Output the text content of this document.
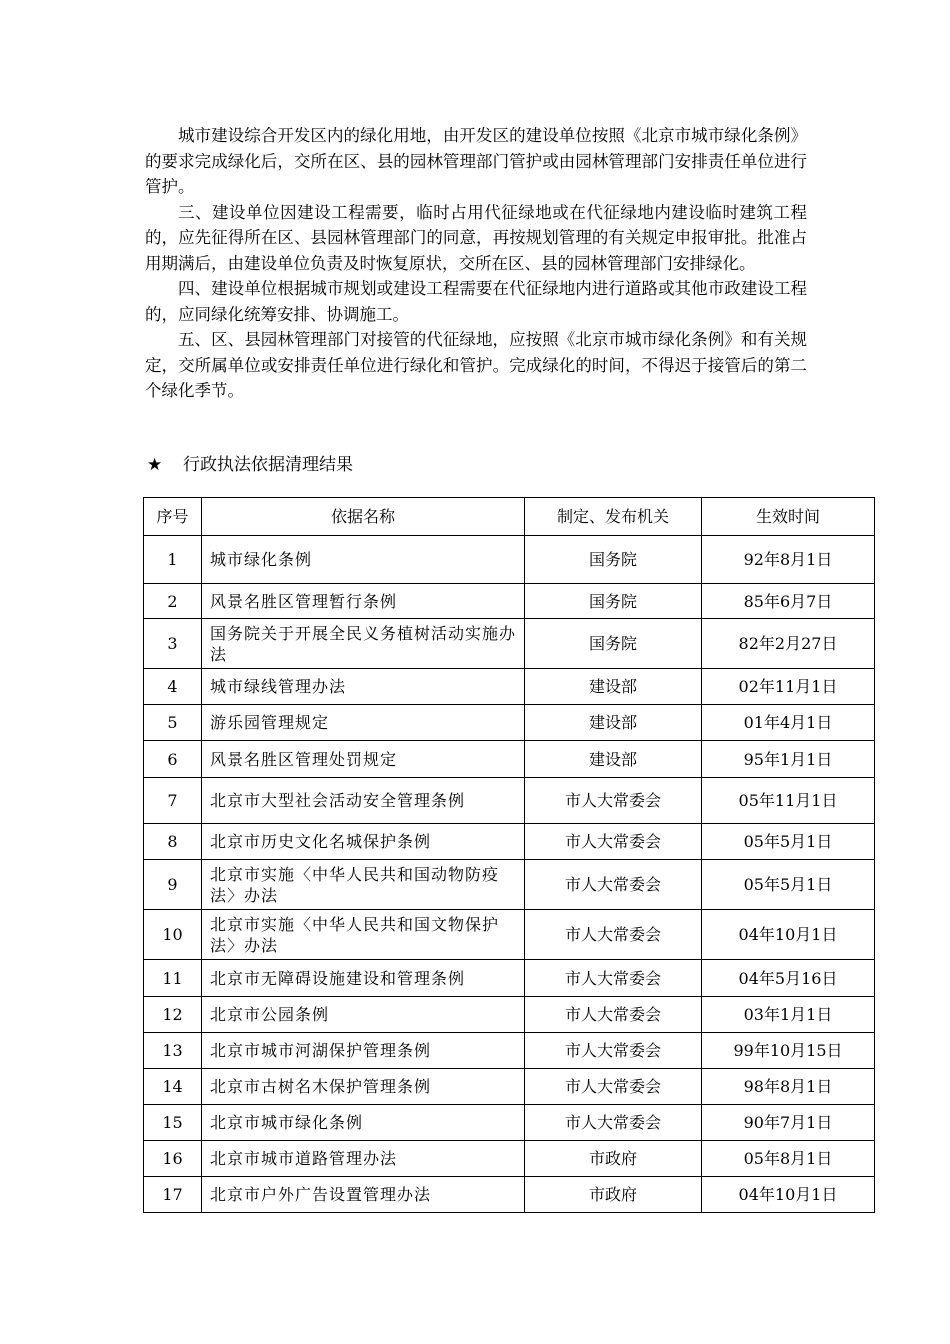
城市建设综合开发区内的绿化用地，由开发区的建设单位按照《北京市城市绿化条例》的要求完成绿化后，交所在区、县的园林管理部门管护或由园林管理部门安排责任单位进行管护。

三、建设单位因建设工程需要，临时占用代征绿地或在代征绿地内建设临时建筑工程的，应先征得所在区、县园林管理部门的同意，再按规划管理的有关规定申报审批。批准占用期满后，由建设单位负责及时恢复原状，交所在区、县的园林管理部门安排绿化。

四、建设单位根据城市规划或建设工程需要在代征绿地内进行道路或其他市政建设工程的，应同绿化统筹安排、协调施工。

五、区、县园林管理部门对接管的代征绿地，应按照《北京市城市绿化条例》和有关规定，交所属单位或安排责任单位进行绿化和管护。完成绿化的时间，不得迟于接管后的第二个绿化季节。

★ 行政执法依据清理结果
序号	依据名称	制定、发布机关	生效时间
1	城市绿化条例	国务院	92年8月1日
2	风景名胜区管理暂行条例	国务院	85年6月7日
3	国务院关于开展全民义务植树活动实施办法	国务院	82年2月27日
4	城市绿线管理办法	建设部	02年11月1日
5	游乐园管理规定	建设部	01年4月1日
6	风景名胜区管理处罚规定	建设部	95年1月1日
7	北京市大型社会活动安全管理条例	市人大常委会	05年11月1日
8	北京市历史文化名城保护条例	市人大常委会	05年5月1日
9	北京市实施〈中华人民共和国动物防疫法〉办法	市人大常委会	05年5月1日
10	北京市实施〈中华人民共和国文物保护法〉办法	市人大常委会	04年10月1日
11	北京市无障碍设施建设和管理条例	市人大常委会	04年5月16日
12	北京市公园条例	市人大常委会	03年1月1日
13	北京市城市河湖保护管理条例	市人大常委会	99年10月15日
14	北京市古树名木保护管理条例	市人大常委会	98年8月1日
15	北京市城市绿化条例	市人大常委会	90年7月1日
16	北京市城市道路管理办法	市政府	05年8月1日
17	北京市户外广告设置管理办法	市政府	04年10月1日
